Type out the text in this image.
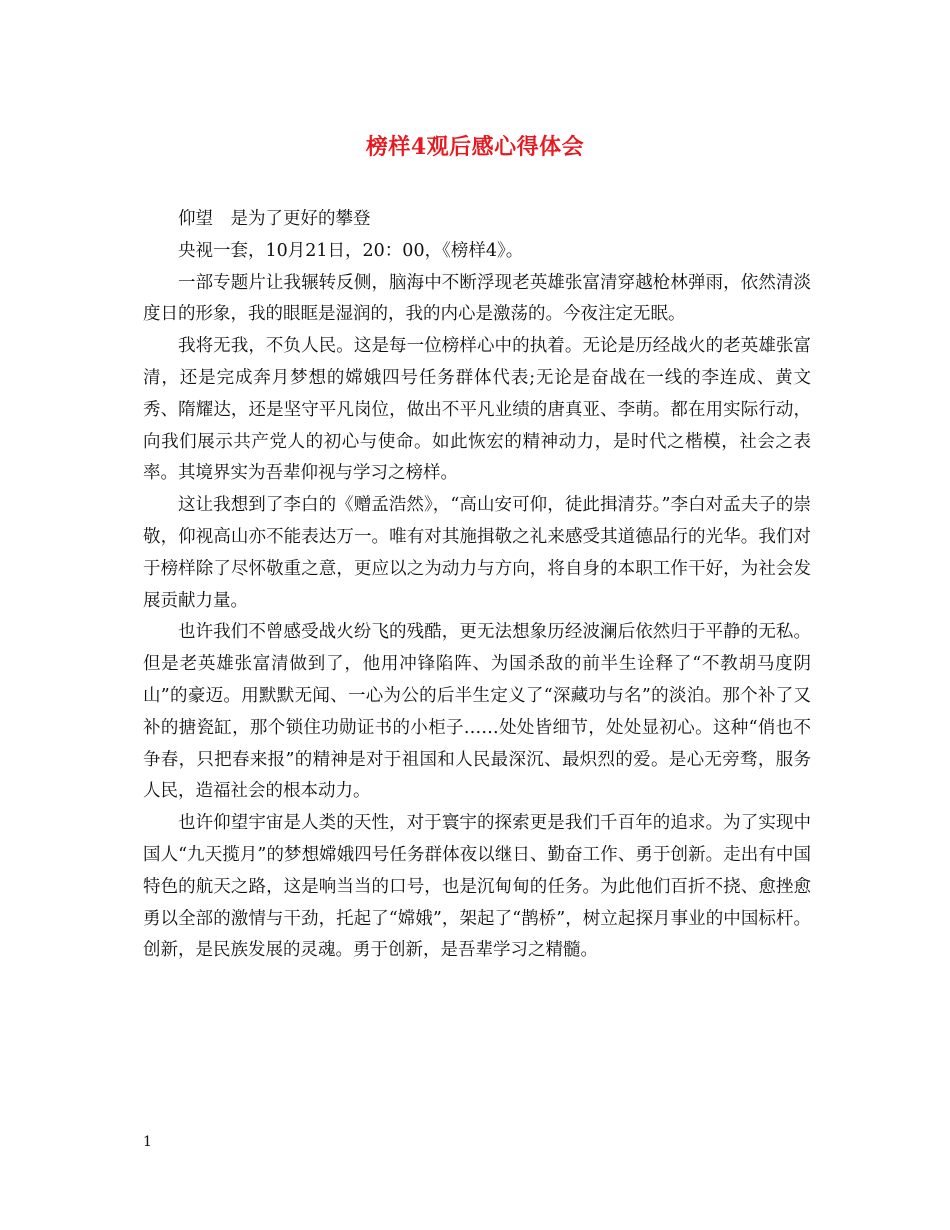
榜样4观后感心得体会

仰望　是为了更好的攀登

央视一套，10月21日，20：00，《榜样4》。

一部专题片让我辗转反侧，脑海中不断浮现老英雄张富清穿越枪林弹雨，依然清淡度日的形象，我的眼眶是湿润的，我的内心是激荡的。今夜注定无眠。

我将无我，不负人民。这是每一位榜样心中的执着。无论是历经战火的老英雄张富清，还是完成奔月梦想的嫦娥四号任务群体代表;无论是奋战在一线的李连成、黄文秀、隋耀达，还是坚守平凡岗位，做出不平凡业绩的唐真亚、李萌。都在用实际行动，向我们展示共产党人的初心与使命。如此恢宏的精神动力，是时代之楷模，社会之表率。其境界实为吾辈仰视与学习之榜样。

这让我想到了李白的《赠孟浩然》，“高山安可仰，徒此揖清芬。”李白对孟夫子的崇敬，仰视高山亦不能表达万一。唯有对其施揖敬之礼来感受其道德品行的光华。我们对于榜样除了尽怀敬重之意，更应以之为动力与方向，将自身的本职工作干好，为社会发展贡献力量。

也许我们不曾感受战火纷飞的残酷，更无法想象历经波澜后依然归于平静的无私。但是老英雄张富清做到了，他用冲锋陷阵、为国杀敌的前半生诠释了“不教胡马度阴山”的豪迈。用默默无闻、一心为公的后半生定义了“深藏功与名”的淡泊。那个补了又补的搪瓷缸，那个锁住功勋证书的小柜子……处处皆细节，处处显初心。这种“俏也不争春，只把春来报”的精神是对于祖国和人民最深沉、最炽烈的爱。是心无旁骛，服务人民，造福社会的根本动力。

也许仰望宇宙是人类的天性，对于寰宇的探索更是我们千百年的追求。为了实现中国人“九天揽月”的梦想嫦娥四号任务群体夜以继日、勤奋工作、勇于创新。走出有中国特色的航天之路，这是响当当的口号，也是沉甸甸的任务。为此他们百折不挠、愈挫愈勇以全部的激情与干劲，托起了“嫦娥”，架起了“鹊桥”，树立起探月事业的中国标杆。创新，是民族发展的灵魂。勇于创新，是吾辈学习之精髓。

1
